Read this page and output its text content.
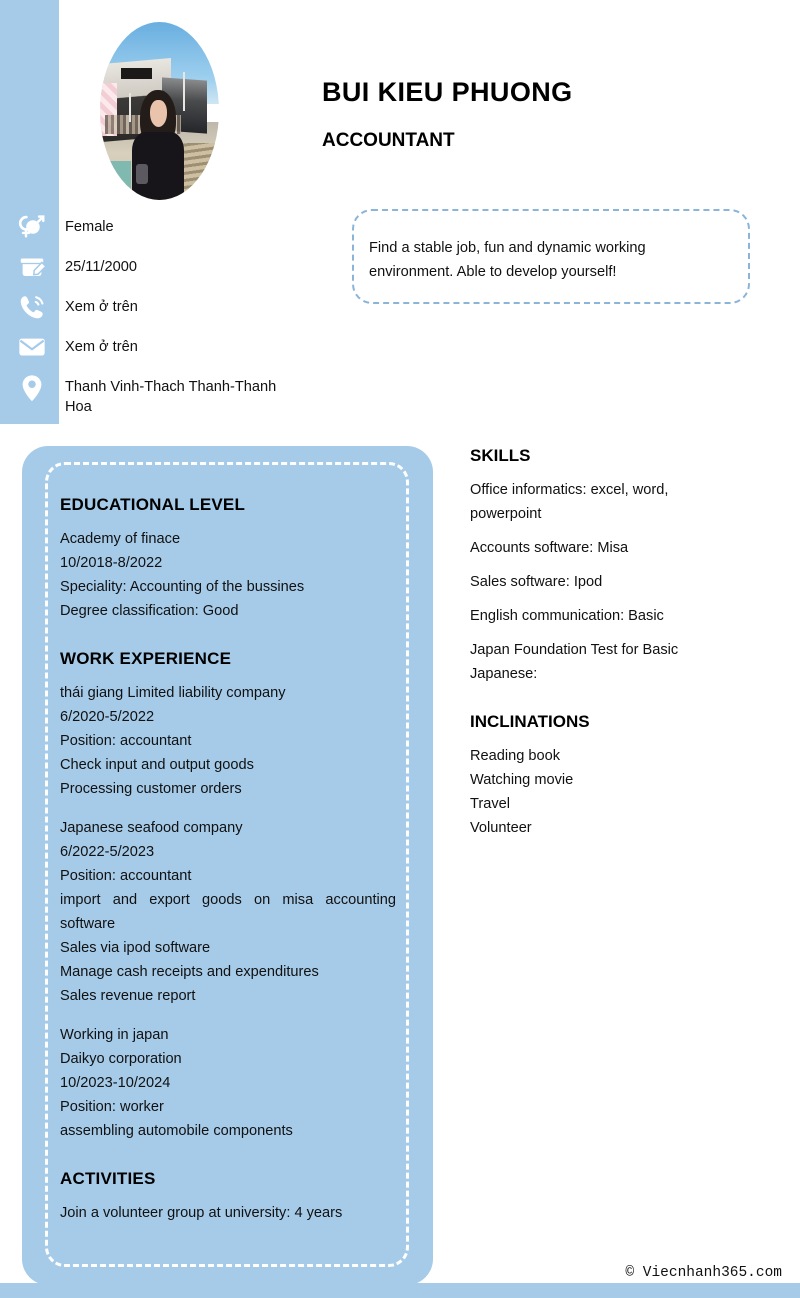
BUI KIEU PHUONG
ACCOUNTANT
Find a stable job, fun and dynamic working environment. Able to develop yourself!
Female
25/11/2000
Xem ở trên
Xem ở trên
Thanh Vinh-Thach Thanh-Thanh Hoa
EDUCATIONAL LEVEL
Academy of finace
10/2018-8/2022
Speciality: Accounting of the bussines
Degree classification: Good
WORK EXPERIENCE
thái giang Limited liability company
6/2020-5/2022
Position: accountant
Check input and output goods
Processing customer orders
Japanese seafood company
6/2022-5/2023
Position: accountant
import and export goods on misa accounting software
Sales via ipod software
Manage cash receipts and expenditures
Sales revenue report
Working in japan
Daikyo corporation
10/2023-10/2024
Position: worker
assembling automobile components
ACTIVITIES
Join a volunteer group at university: 4 years
SKILLS
Office informatics: excel, word, powerpoint
Accounts software: Misa
Sales software: Ipod
English communication: Basic
Japan Foundation Test for Basic Japanese:
INCLINATIONS
Reading book
Watching movie
Travel
Volunteer
© Viecnhanh365.com
